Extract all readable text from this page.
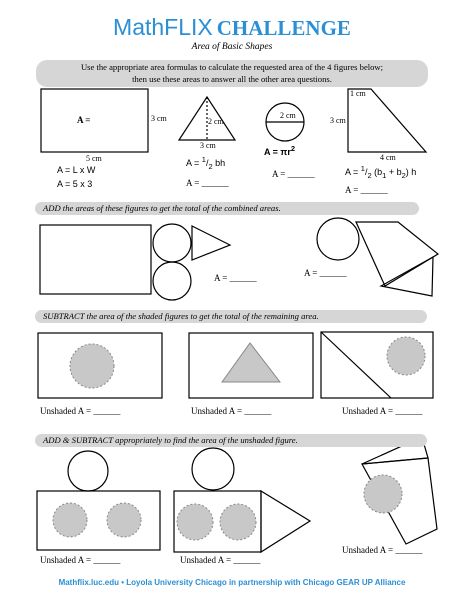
MathFLIX CHALLENGE
Area of Basic Shapes
Use the appropriate area formulas to calculate the requested area of the 4 figures below;
then use these areas to answer all the other area questions.
A =	3 cm
5 cm
A = L x W
A = 5 x 3
2 cm
3 cm
$A = ^1/_2$ bh
A = ______
2 cm
$A = \pi r^2$
A = ______
1 cm
3 cm
4 cm
$A = ^1/_2$ $(b_1 + b_2)$ h
A = ______
ADD the areas of these figures to get the total of the combined areas.
A = ______	A = ______
SUBTRACT the area of the shaded figures to get the total of the remaining area.
Unshaded A = ______	Unshaded A = ______	Unshaded A = ______
ADD & SUBTRACT appropriately to find the area of the unshaded figure.
Unshaded A = ______	Unshaded A = ______
Unshaded A = ______
Mathflix.luc.edu • Loyola University Chicago in partnership with Chicago GEAR UP Alliance
